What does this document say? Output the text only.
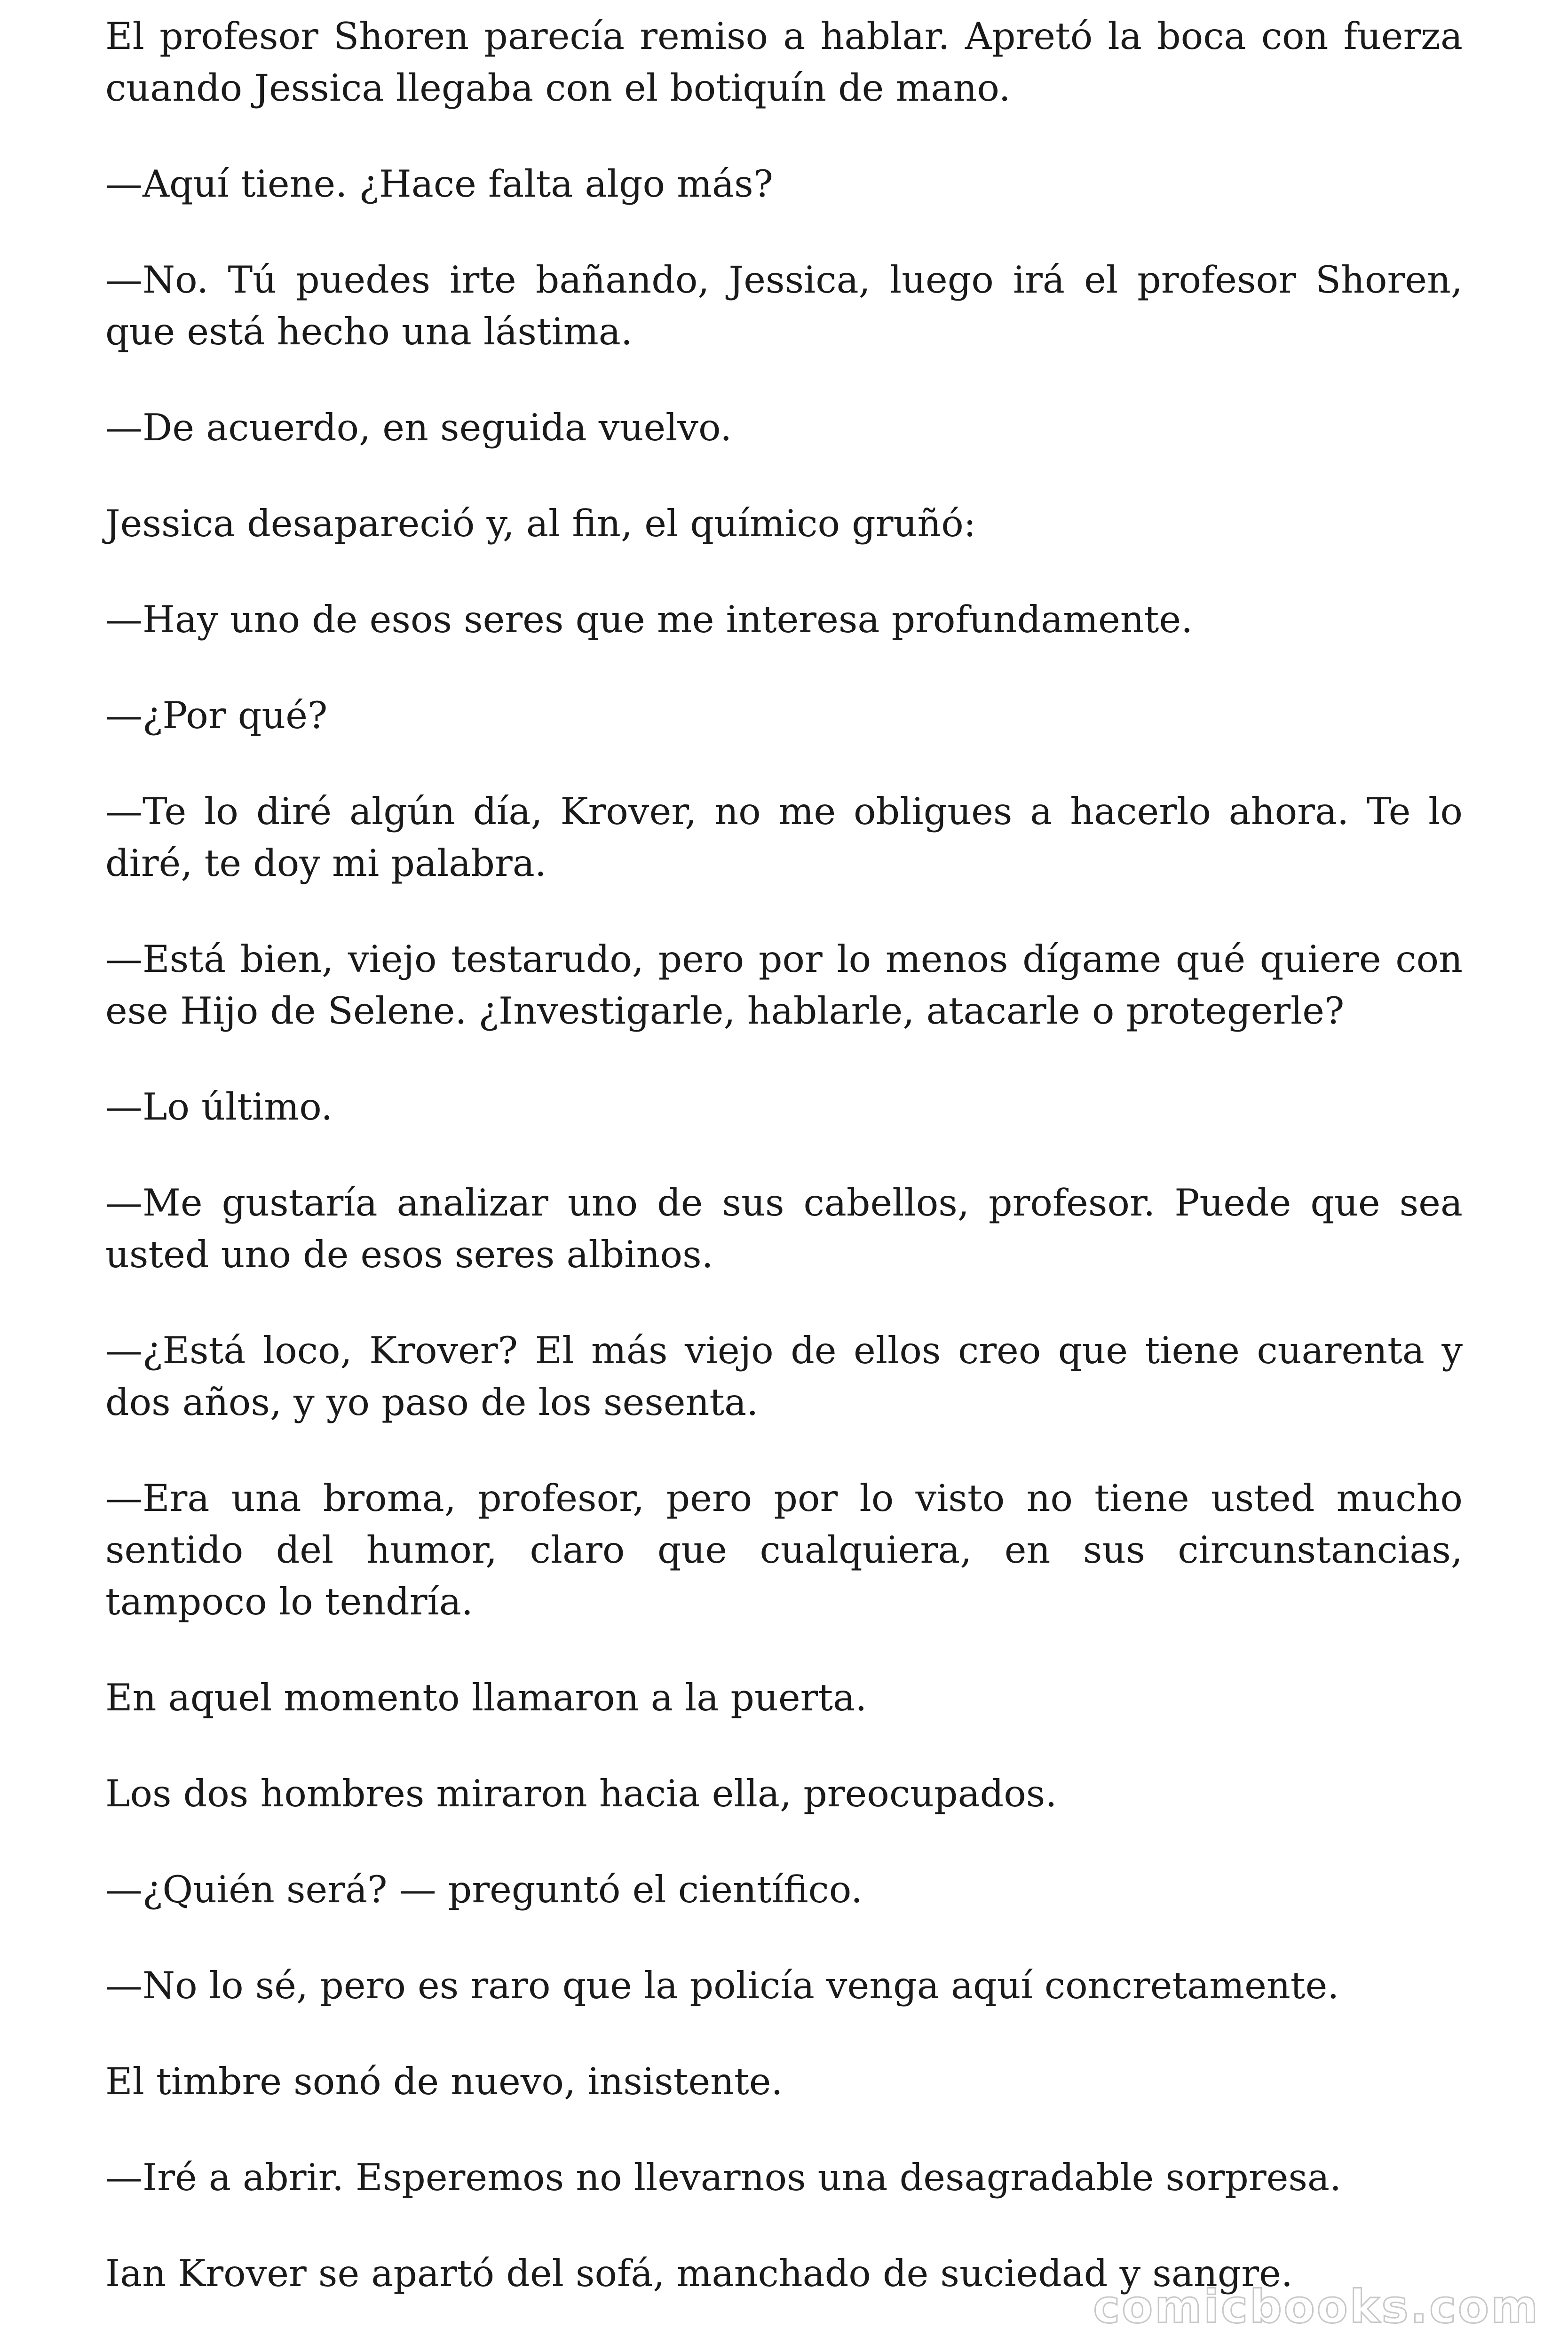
El profesor Shoren parecía remiso a hablar. Apretó la boca con fuerza cuando Jessica llegaba con el botiquín de mano.

—Aquí tiene. ¿Hace falta algo más?

—No. Tú puedes irte bañando, Jessica, luego irá el profesor Shoren, que está hecho una lástima.

—De acuerdo, en seguida vuelvo.

Jessica desapareció y, al fin, el químico gruñó:

—Hay uno de esos seres que me interesa profundamente.

—¿Por qué?

—Te lo diré algún día, Krover, no me obligues a hacerlo ahora. Te lo diré, te doy mi palabra.

—Está bien, viejo testarudo, pero por lo menos dígame qué quiere con ese Hijo de Selene. ¿Investigarle, hablarle, atacarle o protegerle?

—Lo último.

—Me gustaría analizar uno de sus cabellos, profesor. Puede que sea usted uno de esos seres albinos.

—¿Está loco, Krover? El más viejo de ellos creo que tiene cuarenta y dos años, y yo paso de los sesenta.

—Era una broma, profesor, pero por lo visto no tiene usted mucho sentido del humor, claro que cualquiera, en sus circunstancias, tampoco lo tendría.

En aquel momento llamaron a la puerta.

Los dos hombres miraron hacia ella, preocupados.

—¿Quién será? — preguntó el científico.

—No lo sé, pero es raro que la policía venga aquí concretamente.

El timbre sonó de nuevo, insistente.

—Iré a abrir. Esperemos no llevarnos una desagradable sorpresa.

Ian Krover se apartó del sofá, manchado de suciedad y sangre.

comicbooks.com
